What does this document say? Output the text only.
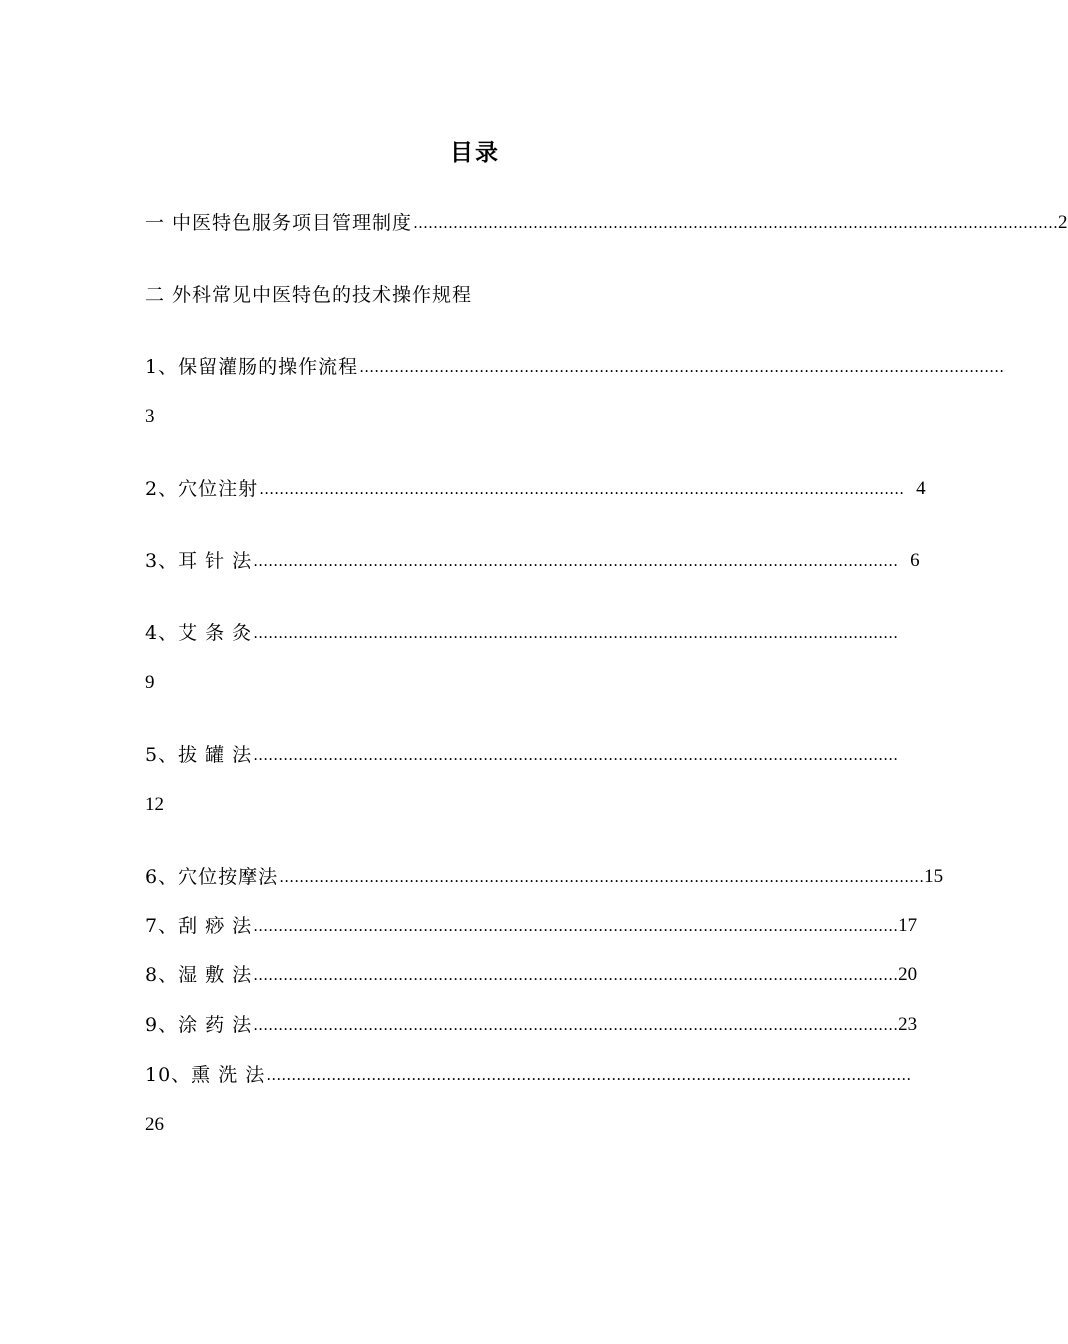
目录
一 中医特色服务项目管理制度 ………………………………………………………………………………………………………………… 2
二 外科常见中医特色的技术操作规程
1、保留灌肠的操作流程 …………………………………………………………………………………………………………………
3
2、穴位注射 ………………………………………………………………………………………………………………… 4
3、耳 针 法 ………………………………………………………………………………………………………………… 6
4、艾 条 灸 …………………………………………………………………………………………………………………
9
5、拔 罐 法 …………………………………………………………………………………………………………………
12
6、穴位按摩法 ………………………………………………………………………………………………………………… 15
7、刮 痧 法 ………………………………………………………………………………………………………………… 17
8、湿 敷 法 ………………………………………………………………………………………………………………… 20
9、涂 药 法 ………………………………………………………………………………………………………………… 23
10、熏 洗 法 …………………………………………………………………………………………………………………
26
